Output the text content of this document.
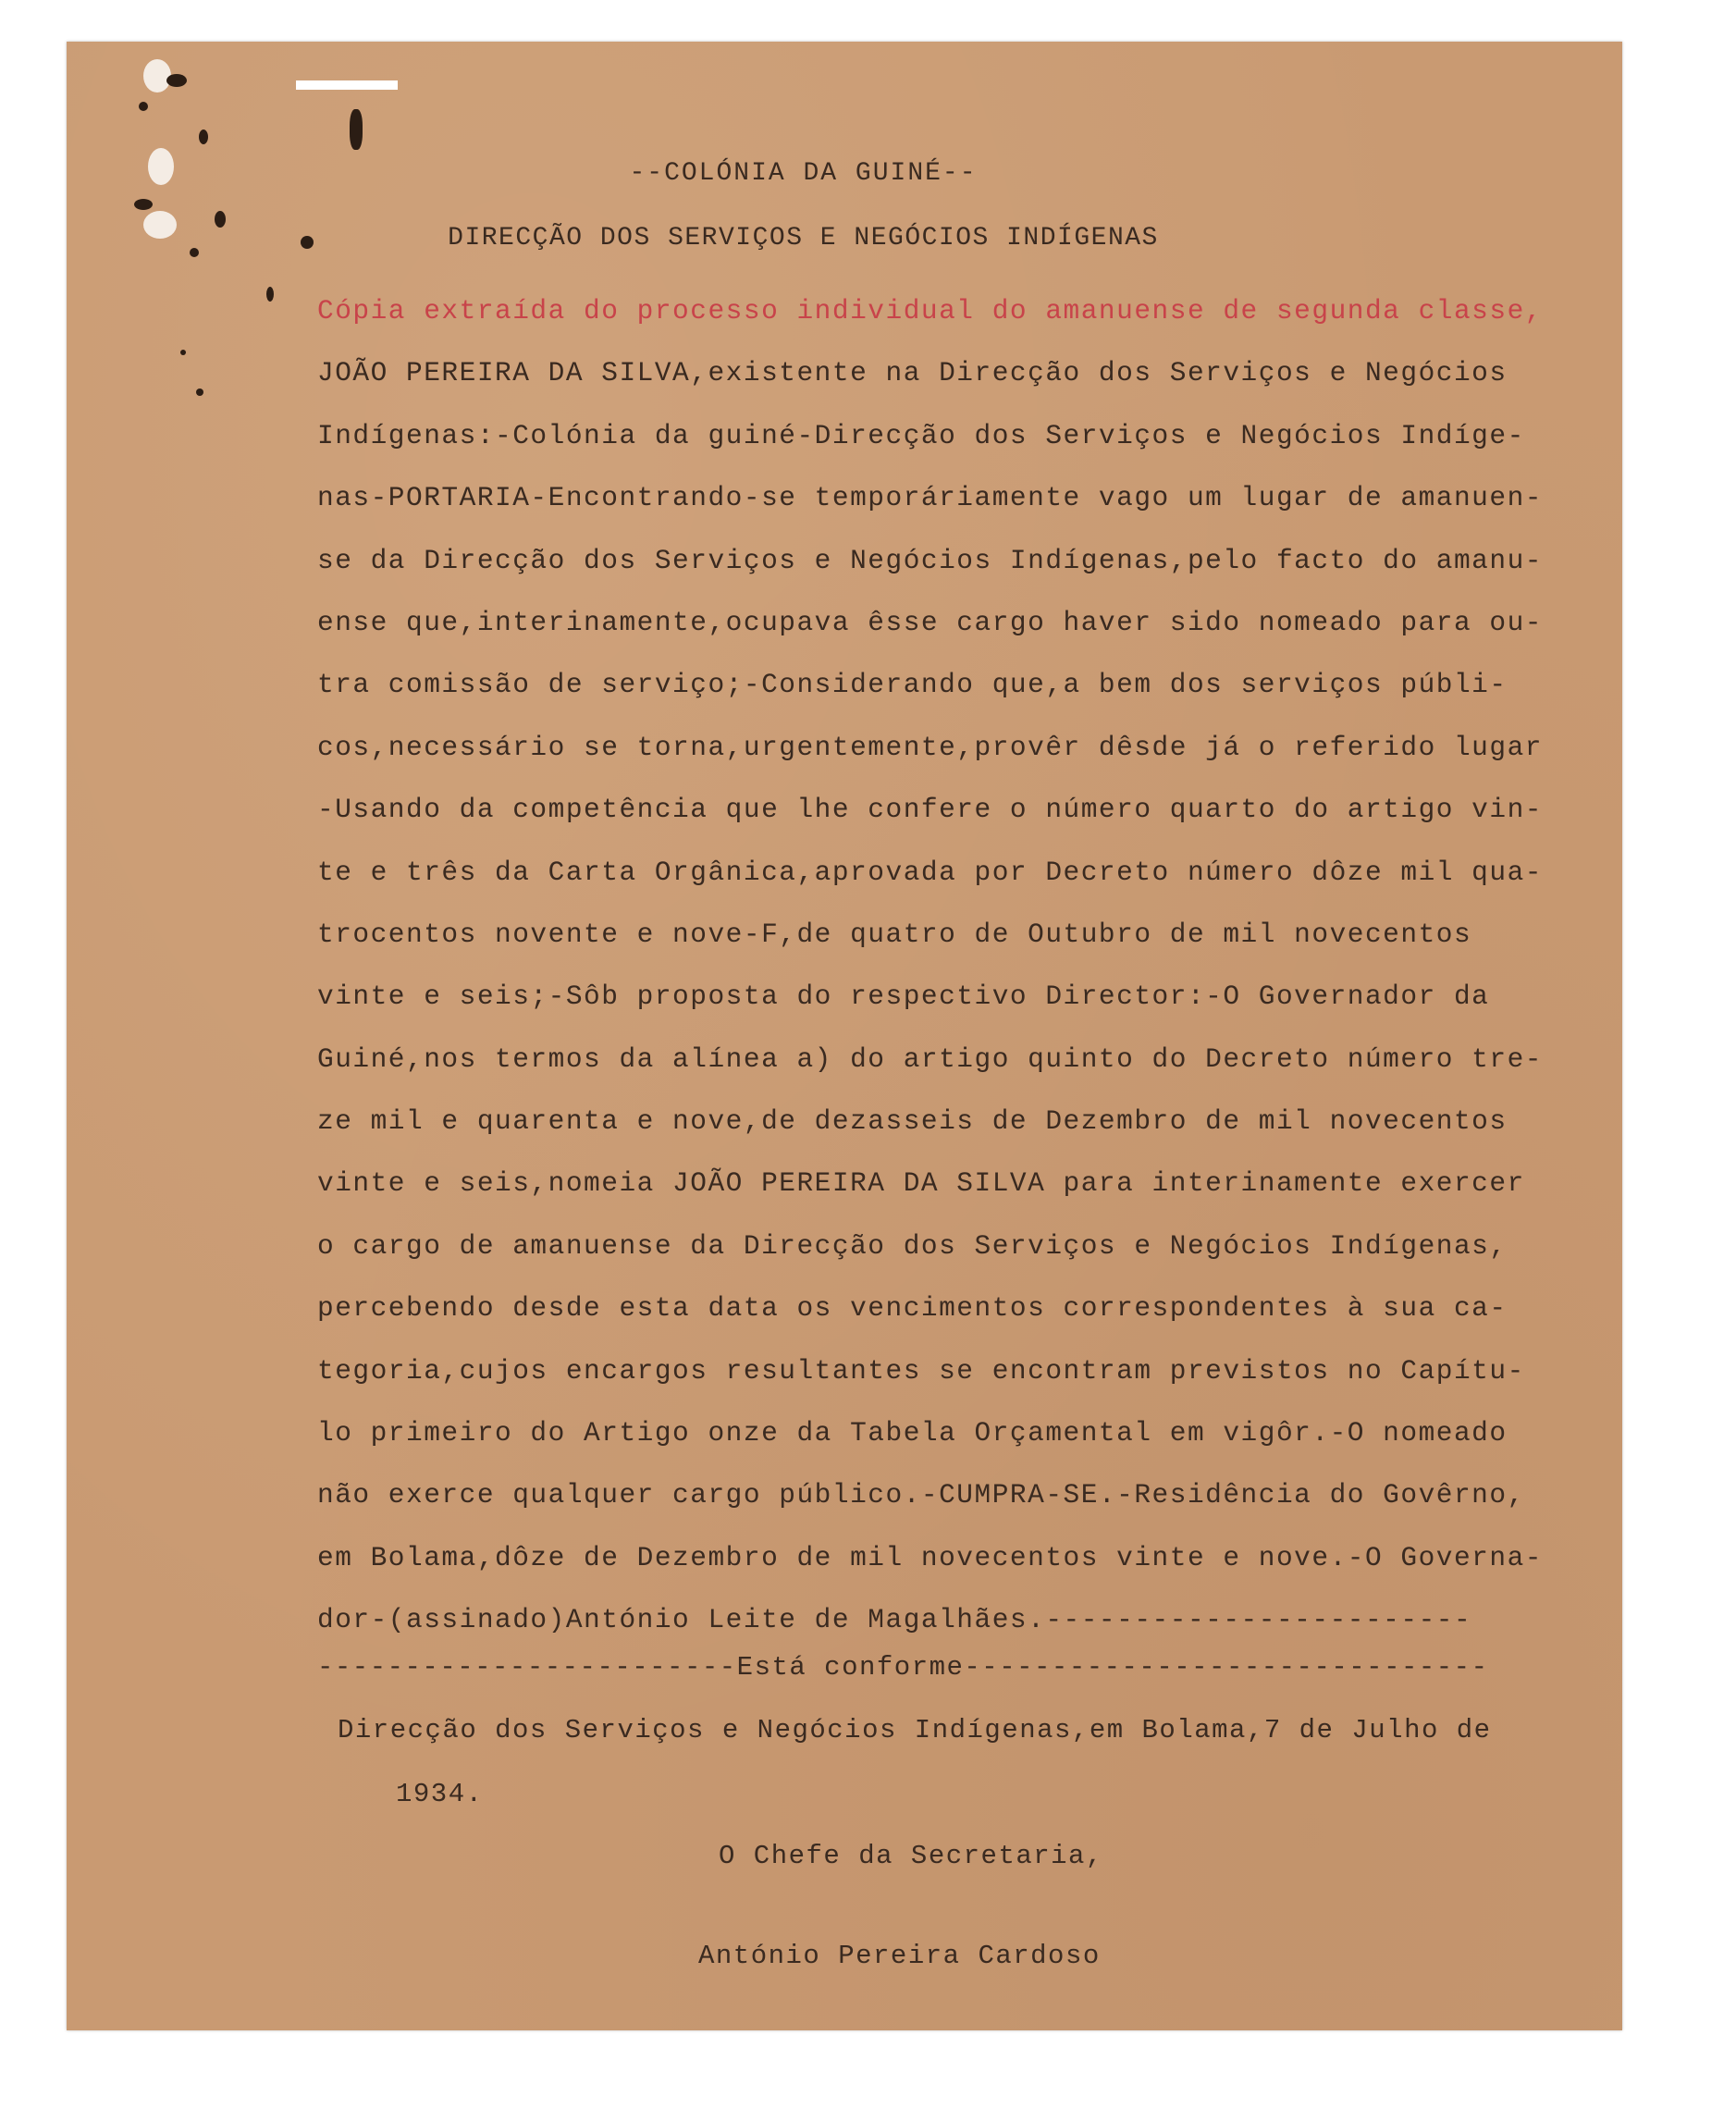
--COLÓNIA DA GUINÉ--
DIRECÇÃO DOS SERVIÇOS E NEGÓCIOS INDÍGENAS
Cópia extraída do processo individual do amanuense de segunda classe,
JOÃO PEREIRA DA SILVA,existente na Direcção dos Serviços e Negócios
Indígenas:-Colónia da guiné-Direcção dos Serviços e Negócios Indíge-
nas-PORTARIA-Encontrando-se temporáriamente vago um lugar de amanuen-
se da Direcção dos Serviços e Negócios Indígenas,pelo facto do amanu-
ense que,interinamente,ocupava êsse cargo haver sido nomeado para ou-
tra comissão de serviço;-Considerando que,a bem dos serviços públi-
cos,necessário se torna,urgentemente,provêr dêsde já o referido lugar
-Usando da competência que lhe confere o número quarto do artigo vin-
te e três da Carta Orgânica,aprovada por Decreto número dôze mil qua-
trocentos novente e nove-F,de quatro de Outubro de mil novecentos
vinte e seis;-Sôb proposta do respectivo Director:-O Governador da
Guiné,nos termos da alínea a) do artigo quinto do Decreto número tre-
ze mil e quarenta e nove,de dezasseis de Dezembro de mil novecentos
vinte e seis,nomeia JOÃO PEREIRA DA SILVA para interinamente exercer
o cargo de amanuense da Direcção dos Serviços e Negócios Indígenas,
percebendo desde esta data os vencimentos correspondentes à sua ca-
tegoria,cujos encargos resultantes se encontram previstos no Capítu-
lo primeiro do Artigo onze da Tabela Orçamental em vigôr.-O nomeado
não exerce qualquer cargo público.-CUMPRA-SE.-Residência do Govêrno,
em Bolama,dôze de Dezembro de mil novecentos vinte e nove.-O Governa-
dor-(assinado)António Leite de Magalhães.------------------------
------------------------Está conforme------------------------------
Direcção dos Serviços e Negócios Indígenas,em Bolama,7 de Julho de
1934.
O Chefe da Secretaria,
António Pereira Cardoso
